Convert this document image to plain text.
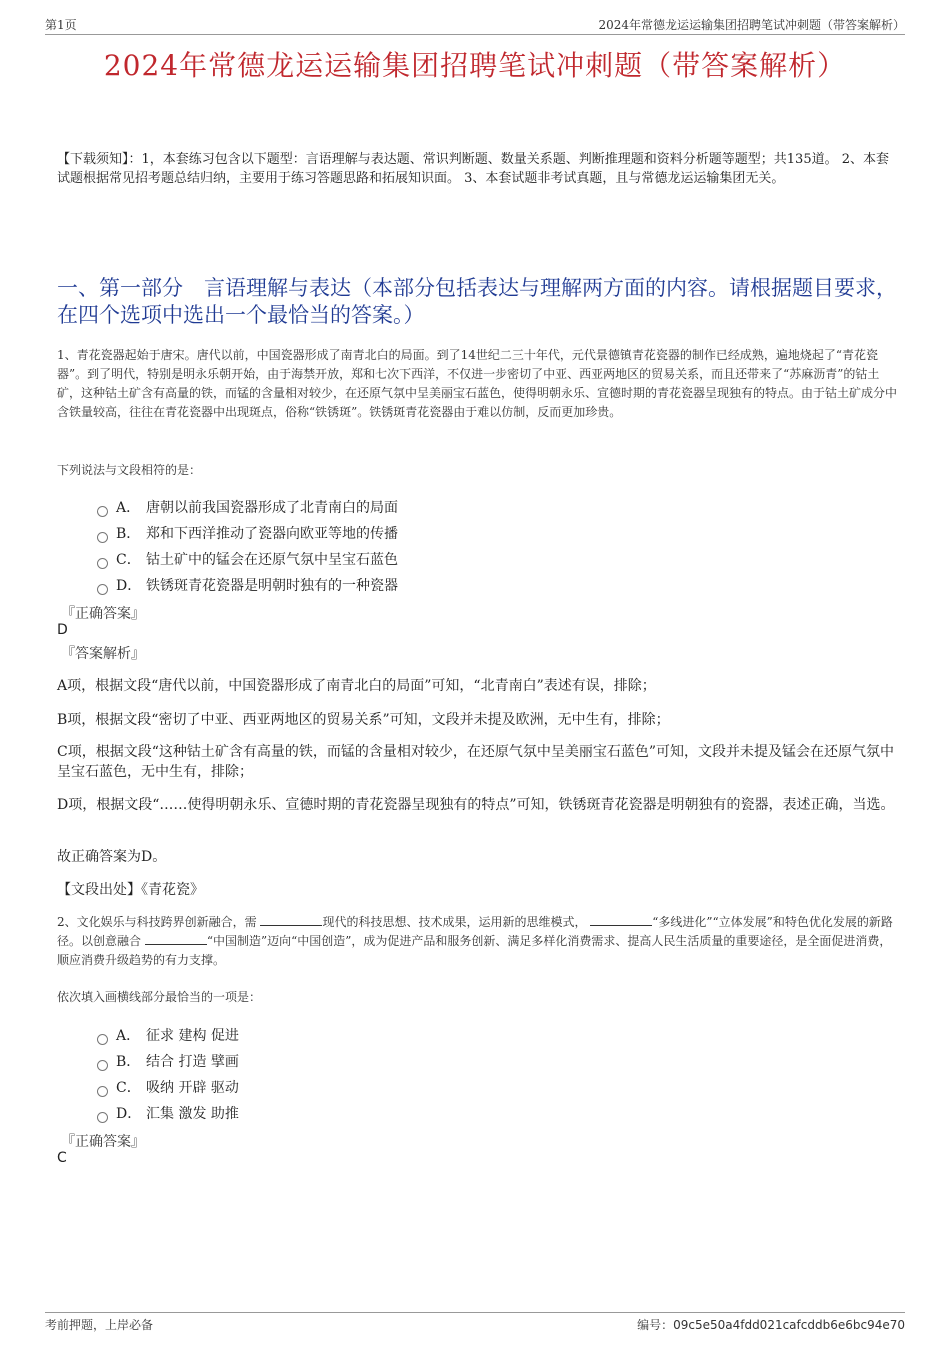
第1页	2024年常德龙运运输集团招聘笔试冲刺题（带答案解析）
2024年常德龙运运输集团招聘笔试冲刺题（带答案解析）
【下载须知】：1，本套练习包含以下题型：言语理解与表达题、常识判断题、数量关系题、判断推理题和资料分析题等题型；共135道。 2、本套试题根据常见招考题总结归纳，主要用于练习答题思路和拓展知识面。 3、本套试题非考试真题，且与常德龙运运输集团无关。
一、第一部分　言语理解与表达（本部分包括表达与理解两方面的内容。请根据题目要求，在四个选项中选出一个最恰当的答案。）
1、青花瓷器起始于唐宋。唐代以前，中国瓷器形成了南青北白的局面。到了14世纪二三十年代，元代景德镇青花瓷器的制作已经成熟，遍地烧起了“青花瓷器”。到了明代，特别是明永乐朝开始，由于海禁开放，郑和七次下西洋，不仅进一步密切了中亚、西亚两地区的贸易关系，而且还带来了“苏麻沥青”的钴土矿，这种钴土矿含有高量的铁，而锰的含量相对较少，在还原气氛中呈美丽宝石蓝色，使得明朝永乐、宣德时期的青花瓷器呈现独有的特点。由于钴土矿成分中含铁量较高，往往在青花瓷器中出现斑点，俗称“铁锈斑”。铁锈斑青花瓷器由于难以仿制，反而更加珍贵。
下列说法与文段相符的是：
A． 唐朝以前我国瓷器形成了北青南白的局面
B． 郑和下西洋推动了瓷器向欧亚等地的传播
C． 钴土矿中的锰会在还原气氛中呈宝石蓝色
D． 铁锈斑青花瓷器是明朝时独有的一种瓷器
『正确答案』
D
『答案解析』
A项，根据文段“唐代以前，中国瓷器形成了南青北白的局面”可知，“北青南白”表述有误，排除；
B项，根据文段“密切了中亚、西亚两地区的贸易关系”可知，文段并未提及欧洲，无中生有，排除；
C项，根据文段“这种钴土矿含有高量的铁，而锰的含量相对较少，在还原气氛中呈美丽宝石蓝色”可知，文段并未提及锰会在还原气氛中呈宝石蓝色，无中生有，排除；
D项，根据文段“……使得明朝永乐、宣德时期的青花瓷器呈现独有的特点”可知，铁锈斑青花瓷器是明朝独有的瓷器，表述正确，当选。
故正确答案为D。
【文段出处】《青花瓷》
2、文化娱乐与科技跨界创新融合，需	现代的科技思想、技术成果，运用新的思维模式，	“多线进化”“立体发展”和特色优化发展的新路径。以创意融合	“中国制造”迈向“中国创造”，成为促进产品和服务创新、满足多样化消费需求、提高人民生活质量的重要途径，是全面促进消费，顺应消费升级趋势的有力支撑。
依次填入画横线部分最恰当的一项是：
A． 征求 建构 促进
B． 结合 打造 擘画
C． 吸纳 开辟 驱动
D． 汇集 激发 助推
『正确答案』
C
考前押题，上岸必备	编号：09c5e50a4fdd021cafcddb6e6bc94e70
